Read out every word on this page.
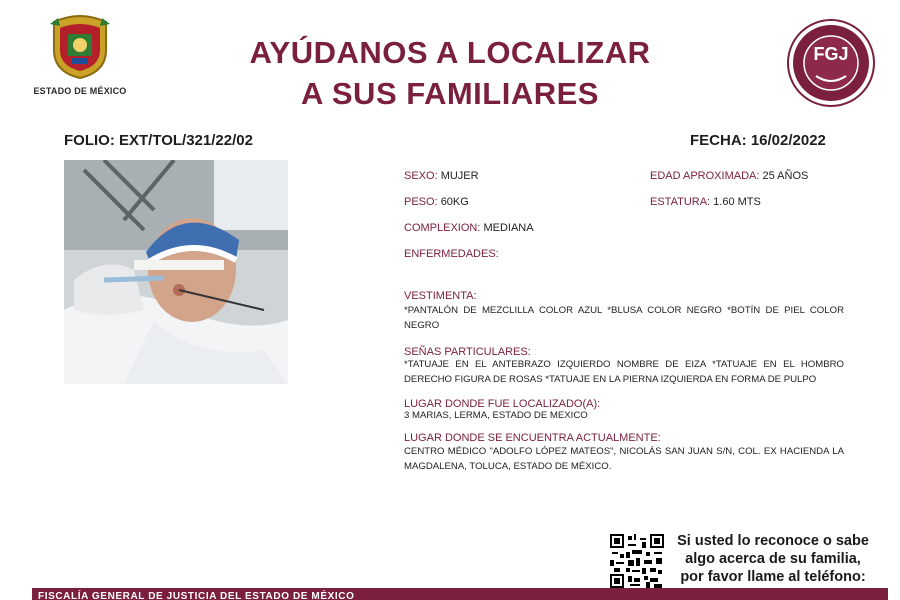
ESTADO DE MÉXICO
AYÚDANOS A LOCALIZAR
A SUS FAMILIARES
FGJ
FOLIO: EXT/TOL/321/22/02	FECHA: 16/02/2022
SEXO: MUJER	EDAD APROXIMADA: 25 AÑOS
PESO: 60KG	ESTATURA: 1.60 MTS
COMPLEXION: MEDIANA
ENFERMEDADES:
VESTIMENTA:
*PANTALÓN DE MEZCLILLA COLOR AZUL *BLUSA COLOR NEGRO *BOTÍN DE PIEL COLOR NEGRO
SEÑAS PARTICULARES:
*TATUAJE EN EL ANTEBRAZO IZQUIERDO NOMBRE DE EIZA *TATUAJE EN EL HOMBRO DERECHO FIGURA DE ROSAS *TATUAJE EN LA PIERNA IZQUIERDA EN FORMA DE PULPO
LUGAR DONDE FUE LOCALIZADO(A):
3 MARIAS, LERMA, ESTADO DE MEXICO
LUGAR DONDE SE ENCUENTRA ACTUALMENTE:
CENTRO MÉDICO "ADOLFO LÓPEZ MATEOS", NICOLÁS SAN JUAN S/N, COL. EX HACIENDA LA MAGDALENA, TOLUCA, ESTADO DE MÉXICO.
Si usted lo reconoce o sabe
algo acerca de su familia,
por favor llame al teléfono:
FISCALÍA GENERAL DE JUSTICIA DEL ESTADO DE MÉXICO
